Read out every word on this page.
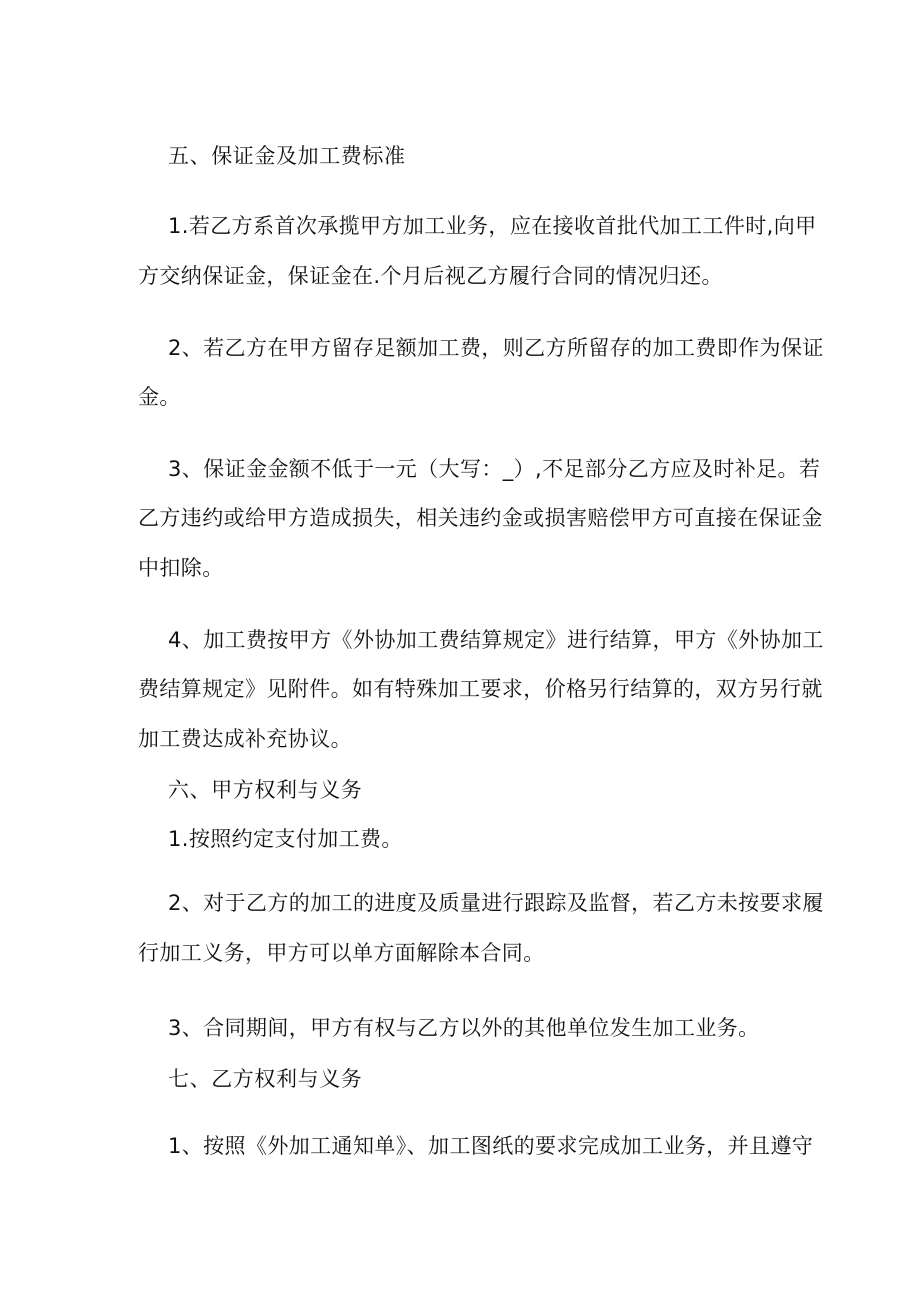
五、保证金及加工费标准
1.若乙方系首次承揽甲方加工业务，应在接收首批代加工工件时,向甲
方交纳保证金，保证金在.个月后视乙方履行合同的情况归还。
2、若乙方在甲方留存足额加工费，则乙方所留存的加工费即作为保证
金。
3、保证金金额不低于一元（大写：_）,不足部分乙方应及时补足。若
乙方违约或给甲方造成损失，相关违约金或损害赔偿甲方可直接在保证金
中扣除。
4、加工费按甲方《外协加工费结算规定》进行结算，甲方《外协加工
费结算规定》见附件。如有特殊加工要求，价格另行结算的，双方另行就
加工费达成补充协议。
六、甲方权利与义务
1.按照约定支付加工费。
2、对于乙方的加工的进度及质量进行跟踪及监督，若乙方未按要求履
行加工义务，甲方可以单方面解除本合同。
3、合同期间，甲方有权与乙方以外的其他单位发生加工业务。
七、乙方权利与义务
1、按照《外加工通知单》、加工图纸的要求完成加工业务，并且遵守
